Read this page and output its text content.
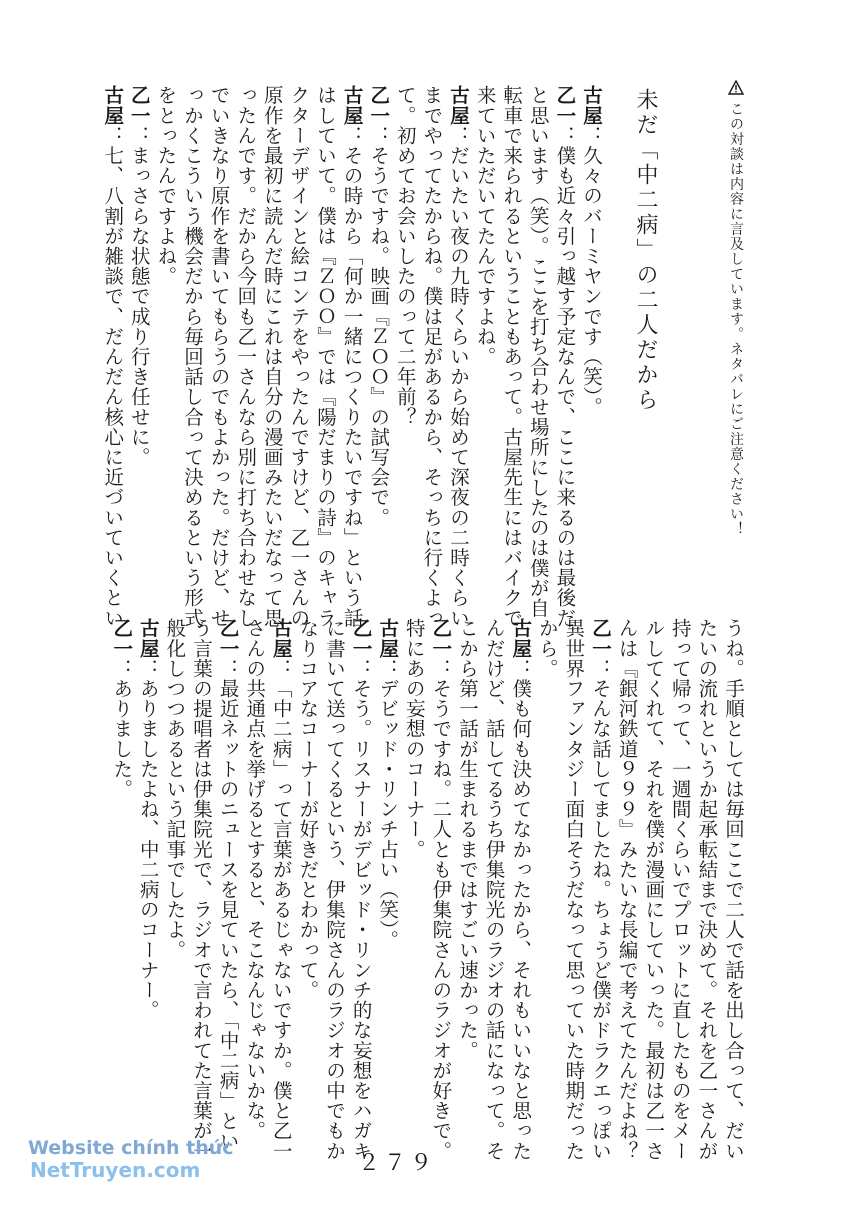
この対談は内容に言及しています。ネタバレにご注意ください！
未だ「中二病」の二人だから
古屋：久々のバーミヤンです（笑）。
乙一：僕も近々引っ越す予定なんで、ここに来るのは最後だ
と思います（笑）。ここを打ち合わせ場所にしたのは僕が自
転車で来られるということもあって。古屋先生にはバイクで
来ていただいてたんですよね。
古屋：だいたい夜の九時くらいから始めて深夜の二時くらい
までやってたからね。僕は足があるから、そっちに行くよっ
て。初めてお会いしたのって二年前？
乙一：そうですね。映画『ＺＯＯ』の試写会で。
古屋：その時から「何か一緒につくりたいですね」という話
はしていて。僕は『ＺＯＯ』では『陽だまりの詩』のキャラ
クターデザインと絵コンテをやったんですけど、乙一さんの
原作を最初に読んだ時にこれは自分の漫画みたいだなって思
ったんです。だから今回も乙一さんなら別に打ち合わせなし
でいきなり原作を書いてもらうのでもよかった。だけど、せ
っかくこういう機会だから毎回話し合って決めるという形式
をとったんですよね。
乙一：まっさらな状態で成り行き任せに。
古屋：七、八割が雑談で、だんだん核心に近づいていくとい
うね。手順としては毎回ここで二人で話を出し合って、だい
たいの流れというか起承転結まで決めて。それを乙一さんが
持って帰って、一週間くらいでプロットに直したものをメー
ルしてくれて、それを僕が漫画にしていった。最初は乙一さ
んは『銀河鉄道９９９』みたいな長編で考えてたんだよね？
乙一：そんな話してましたね。ちょうど僕がドラクエっぽい
異世界ファンタジー面白そうだなって思っていた時期だった
から。
古屋：僕も何も決めてなかったから、それもいいなと思った
んだけど、話してるうち伊集院光のラジオの話になって。そ
こから第一話が生まれるまではすごい速かった。
乙一：そうですね。二人とも伊集院さんのラジオが好きで。
特にあの妄想のコーナー。
古屋：デビッド・リンチ占い（笑）。
乙一：そう。リスナーがデビッド・リンチ的な妄想をハガキ
に書いて送ってくるという、伊集院さんのラジオの中でもか
なりコアなコーナーが好きだとわかって。
古屋：「中二病」って言葉があるじゃないですか。僕と乙一
さんの共通点を挙げるとすると、そこなんじゃないかな。
乙一：最近ネットのニュースを見ていたら、「中二病」とい
う言葉の提唱者は伊集院光で、ラジオで言われてた言葉が一
般化しつつあるという記事でしたよ。
古屋：ありましたよね、中二病のコーナー。
乙一：ありました。
２７９
Website chính thức
NetTruyen.com
